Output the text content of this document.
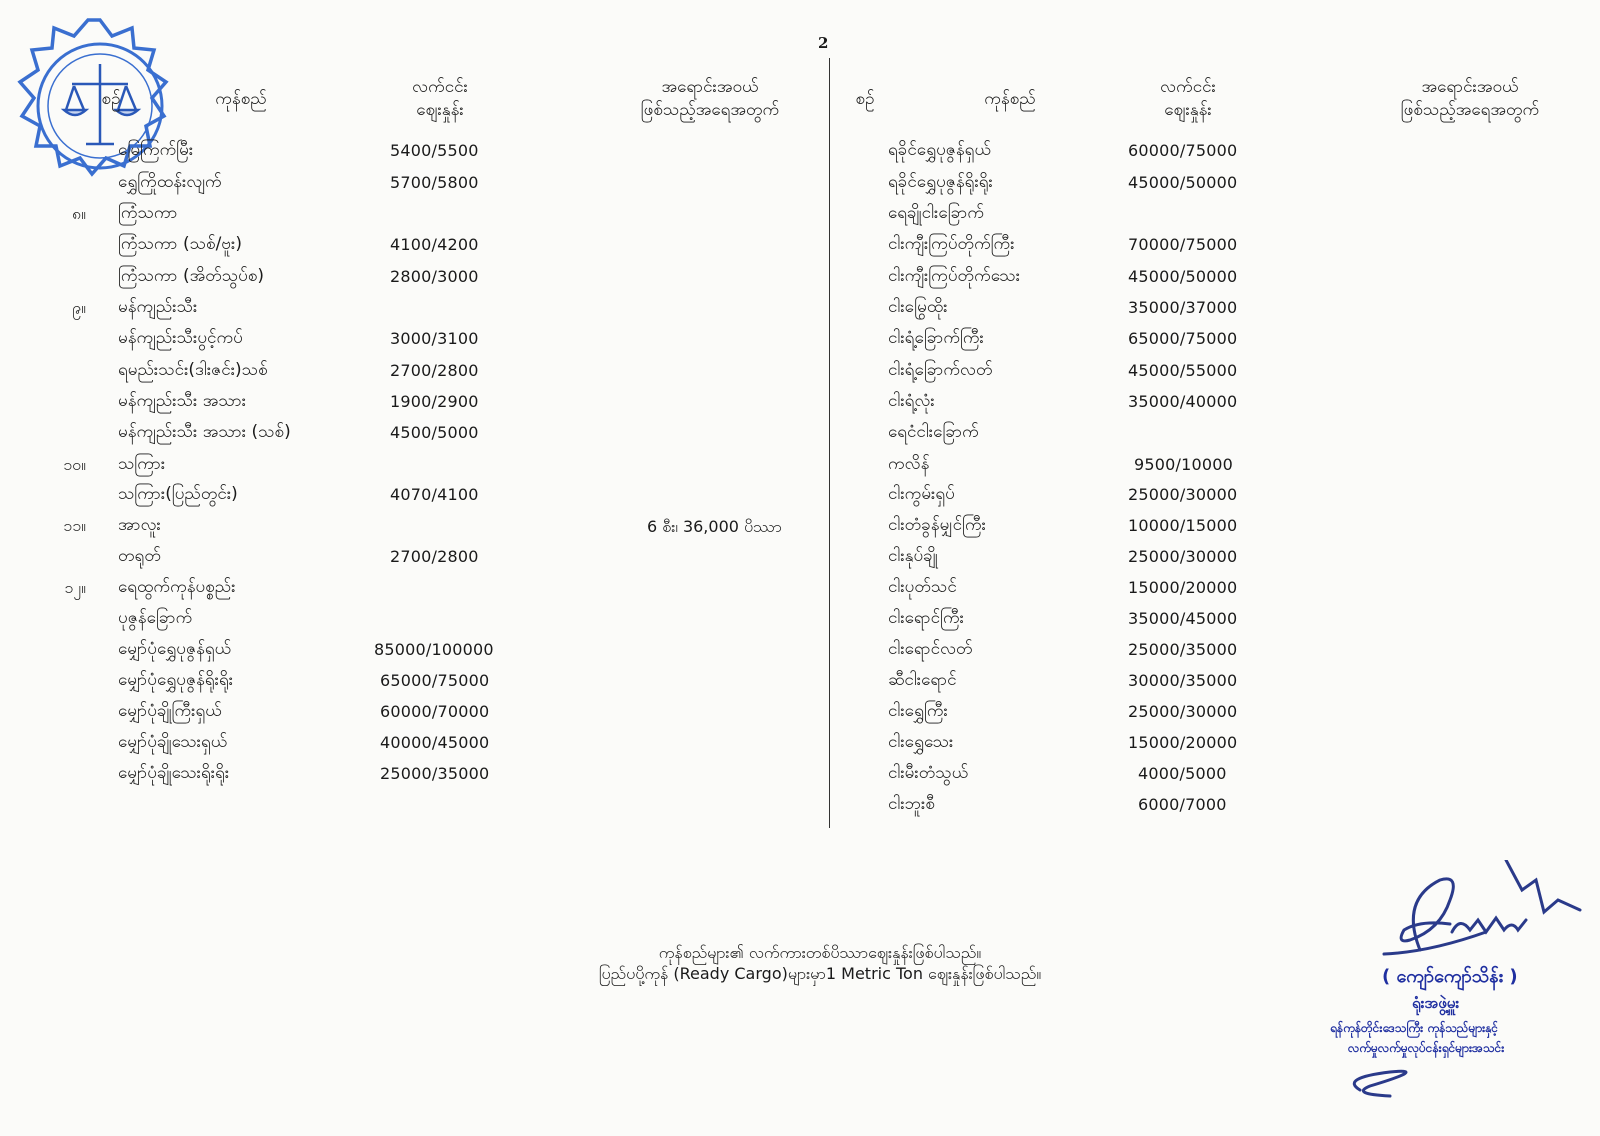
2
စဉ်	ကုန်စည်
လက်ငင်း
ဈေးနှုန်း
အရောင်းအဝယ်
ဖြစ်သည့်အရေအတွက်
စဉ်	ကုန်စည်
လက်ငင်း
ဈေးနှုန်း
အရောင်းအဝယ်
ဖြစ်သည့်အရေအတွက်
မြေကြက်မြီး	5400/5500
ရွှေကြိုထန်းလျက်	5700/5800
၈။ ကြံသကာ
ကြံသကာ (သစ်/ဗူး)	4100/4200
ကြံသကာ (အိတ်သွပ်စ)	2800/3000
၉။ မန်ကျည်းသီး
မန်ကျည်းသီးပွင့်ကပ်	3000/3100
ရမည်းသင်း(ဒါးဇင်း)သစ်	2700/2800
မန်ကျည်းသီး အသား	1900/2900
မန်ကျည်းသီး အသား (သစ်)	4500/5000
၁၀။ သကြား
သကြား(ပြည်တွင်း)	4070/4100
၁၁။ အာလူး	6 စီး၊ 36,000 ပိဿာ
တရုတ်	2700/2800
၁၂။ ရေထွက်ကုန်ပစ္စည်း
ပုဇွန်ခြောက်
မျှော်ပုံရွှေပုဇွန်ရှယ်	85000/100000
မျှော်ပုံရွှေပုဇွန်ရိုးရိုး	65000/75000
မျှော်ပုံချိုကြီးရှယ်	60000/70000
မျှော်ပုံချိုသေးရှယ်	40000/45000
မျှော်ပုံချိုသေးရိုးရိုး	25000/35000
ရခိုင်ရွှေပုဇွန်ရှယ်	60000/75000
ရခိုင်ရွှေပုဇွန်ရိုးရိုး	45000/50000
ရေချိုငါးခြောက်
ငါးကျီးကြပ်တိုက်ကြီး	70000/75000
ငါးကျီးကြပ်တိုက်သေး	45000/50000
ငါးမြွေထိုး	35000/37000
ငါးရံ့ခြောက်ကြီး	65000/75000
ငါးရံ့ခြောက်လတ်	45000/55000
ငါးရံ့လုံး	35000/40000
ရေငံငါးခြောက်
ကလိန်	9500/10000
ငါးကွမ်းရှပ်	25000/30000
ငါးတံခွန်မျှင်ကြီး	10000/15000
ငါးနုပ်ချို	25000/30000
ငါးပုတ်သင်	15000/20000
ငါးရောင်ကြီး	35000/45000
ငါးရောင်လတ်	25000/35000
ဆီငါးရောင်	30000/35000
ငါးရွှေကြီး	25000/30000
ငါးရွှေသေး	15000/20000
ငါးမီးတံသွယ်	4000/5000
ငါးဘူးစီ	6000/7000
ကုန်စည်များ၏ လက်ကားတစ်ပိဿာဈေးနှုန်းဖြစ်ပါသည်။
ပြည်ပပို့ကုန် (Ready Cargo)များမှာ1 Metric Ton ဈေးနှုန်းဖြစ်ပါသည်။	( ကျော်ကျော်သိန်း )
ရုံးအဖွဲ့မှူး
ရန်ကုန်တိုင်းဒေသကြီး ကုန်သည်များနှင့်
လက်မှုလက်မှုလုပ်ငန်းရှင်များအသင်း
